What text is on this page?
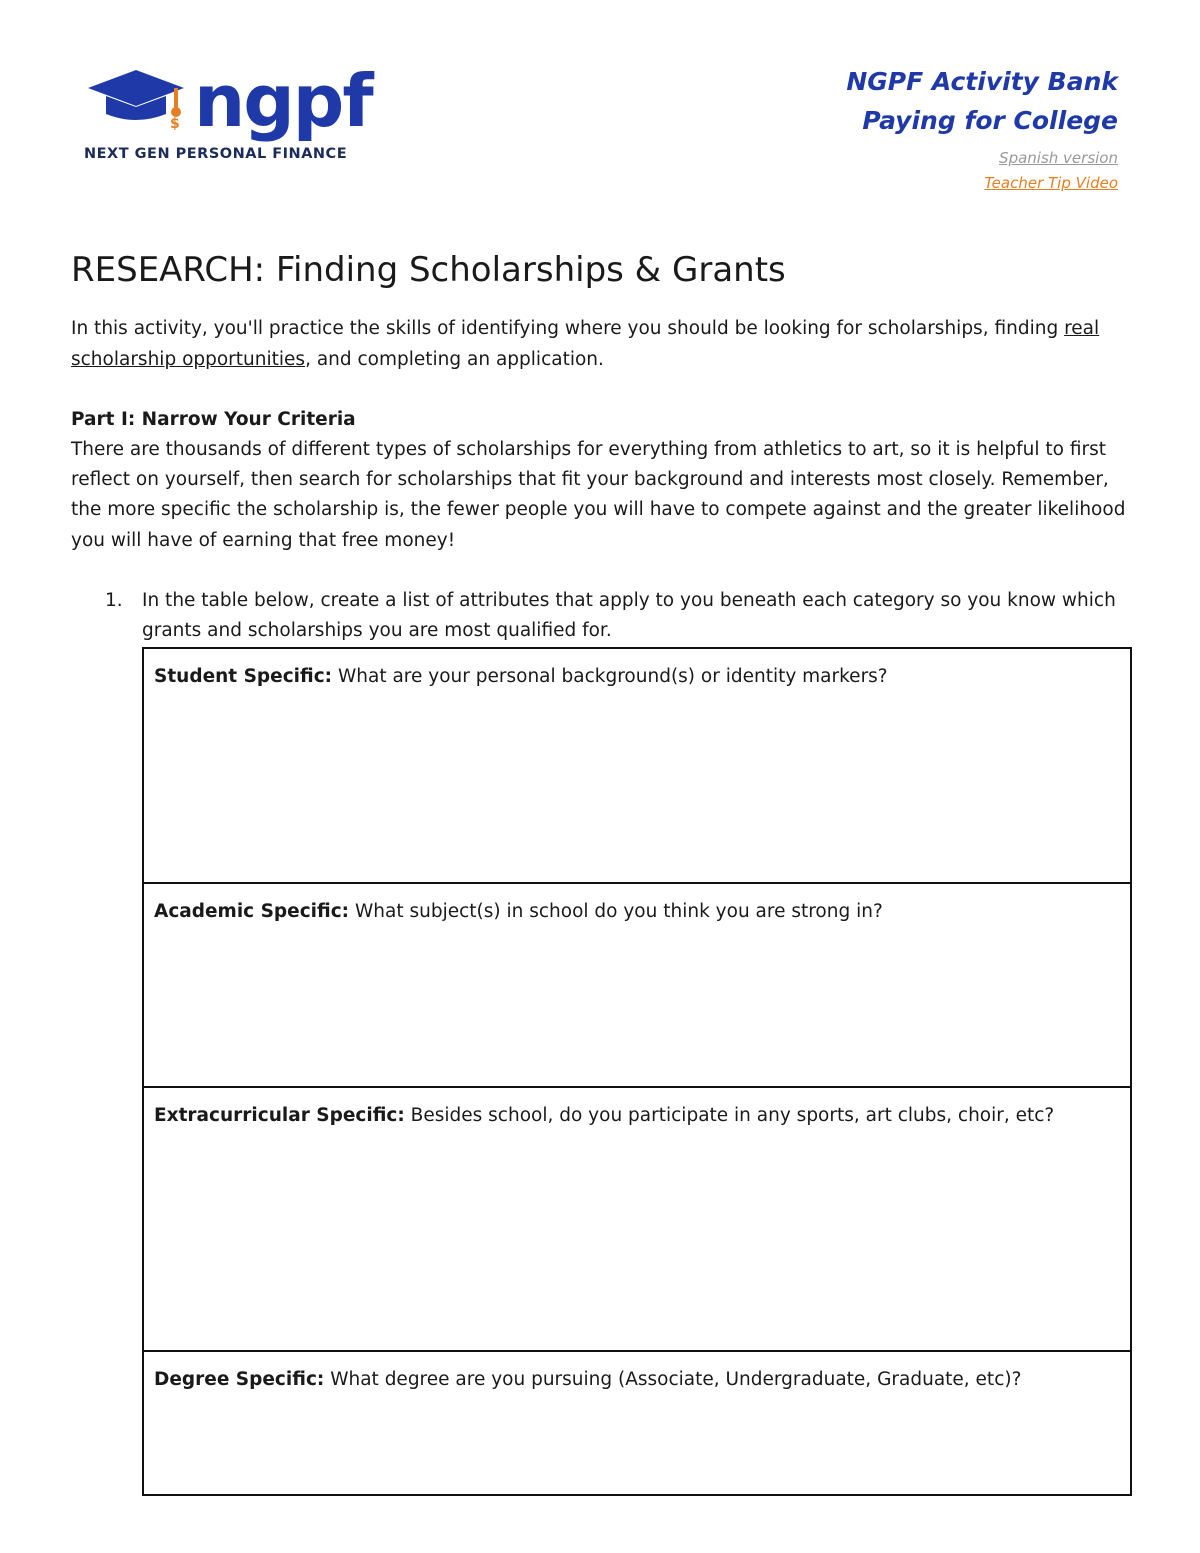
$ ngpf
NEXT GEN PERSONAL FINANCE
NGPF Activity Bank
Paying for College
Spanish version
Teacher Tip Video
RESEARCH: Finding Scholarships & Grants

In this activity, you'll practice the skills of identifying where you should be looking for scholarships, finding real scholarship opportunities, and completing an application.

Part I: Narrow Your Criteria

There are thousands of different types of scholarships for everything from athletics to art, so it is helpful to first reflect on yourself, then search for scholarships that fit your background and interests most closely. Remember, the more specific the scholarship is, the fewer people you will have to compete against and the greater likelihood you will have of earning that free money!

1. In the table below, create a list of attributes that apply to you beneath each category so you know which grants and scholarships you are most qualified for.
Student Specific: What are your personal background(s) or identity markers?
Academic Specific: What subject(s) in school do you think you are strong in?
Extracurricular Specific: Besides school, do you participate in any sports, art clubs, choir, etc?
Degree Specific: What degree are you pursuing (Associate, Undergraduate, Graduate, etc)?
